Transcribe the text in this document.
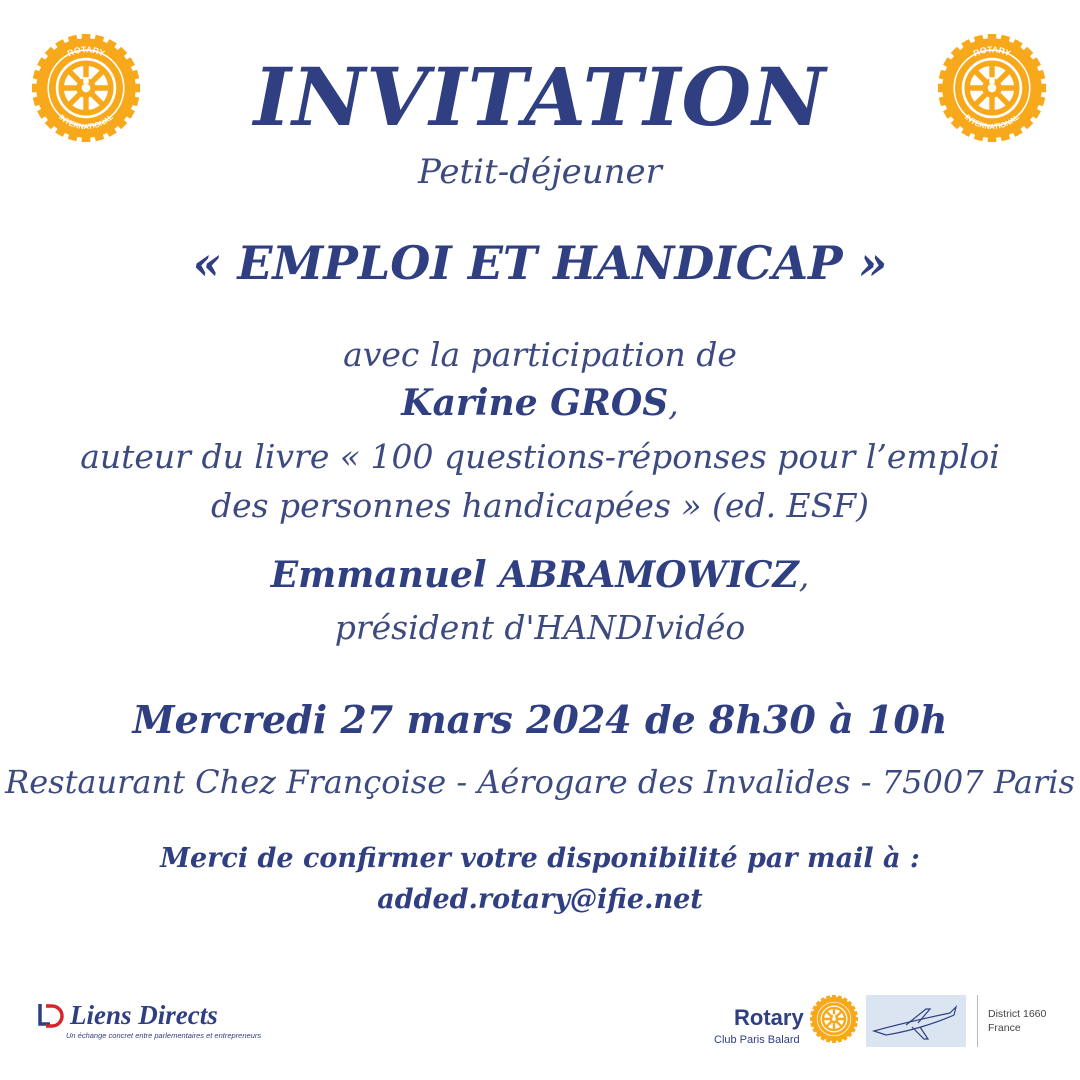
ROTARY
INTERNATIONAL
ROTARY
INTERNATIONAL
INVITATION
Petit-déjeuner
« EMPLOI ET HANDICAP »
avec la participation de
Karine GROS,
auteur du livre « 100 questions-réponses pour l’emploi
des personnes handicapées » (ed. ESF)
Emmanuel ABRAMOWICZ,
président d'HANDIvidéo
Mercredi 27 mars 2024 de 8h30 à 10h
Restaurant Chez Françoise - Aérogare des Invalides - 75007 Paris
Merci de confirmer votre disponibilité par mail à :
added.rotary@ifie.net
Liens Directs
Un échange concret entre parlementaires et entrepreneurs
Rotary
Club Paris Balard
District 1660
France
